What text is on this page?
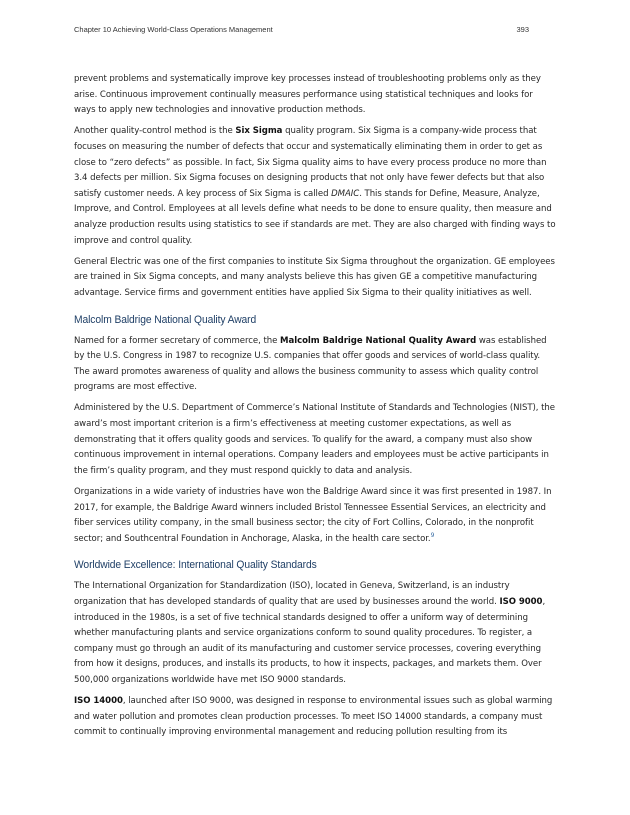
Chapter 10 Achieving World-Class Operations Management	393

prevent problems and systematically improve key processes instead of troubleshooting problems only as they arise. Continuous improvement continually measures performance using statistical techniques and looks for ways to apply new technologies and innovative production methods.

Another quality-control method is the Six Sigma quality program. Six Sigma is a company-wide process that focuses on measuring the number of defects that occur and systematically eliminating them in order to get as close to “zero defects” as possible. In fact, Six Sigma quality aims to have every process produce no more than 3.4 defects per million. Six Sigma focuses on designing products that not only have fewer defects but that also satisfy customer needs. A key process of Six Sigma is called DMAIC. This stands for Define, Measure, Analyze, Improve, and Control. Employees at all levels define what needs to be done to ensure quality, then measure and analyze production results using statistics to see if standards are met. They are also charged with finding ways to improve and control quality.

General Electric was one of the first companies to institute Six Sigma throughout the organization. GE employees are trained in Six Sigma concepts, and many analysts believe this has given GE a competitive manufacturing advantage. Service firms and government entities have applied Six Sigma to their quality initiatives as well.

Malcolm Baldrige National Quality Award

Named for a former secretary of commerce, the Malcolm Baldrige National Quality Award was established by the U.S. Congress in 1987 to recognize U.S. companies that offer goods and services of world-class quality. The award promotes awareness of quality and allows the business community to assess which quality control programs are most effective.

Administered by the U.S. Department of Commerce’s National Institute of Standards and Technologies (NIST), the award’s most important criterion is a firm’s effectiveness at meeting customer expectations, as well as demonstrating that it offers quality goods and services. To qualify for the award, a company must also show continuous improvement in internal operations. Company leaders and employees must be active participants in the firm’s quality program, and they must respond quickly to data and analysis.

Organizations in a wide variety of industries have won the Baldrige Award since it was first presented in 1987. In 2017, for example, the Baldrige Award winners included Bristol Tennessee Essential Services, an electricity and fiber services utility company, in the small business sector; the city of Fort Collins, Colorado, in the nonprofit sector; and Southcentral Foundation in Anchorage, Alaska, in the health care sector.$^9$

Worldwide Excellence: International Quality Standards

The International Organization for Standardization (ISO), located in Geneva, Switzerland, is an industry organization that has developed standards of quality that are used by businesses around the world. ISO 9000, introduced in the 1980s, is a set of five technical standards designed to offer a uniform way of determining whether manufacturing plants and service organizations conform to sound quality procedures. To register, a company must go through an audit of its manufacturing and customer service processes, covering everything from how it designs, produces, and installs its products, to how it inspects, packages, and markets them. Over 500,000 organizations worldwide have met ISO 9000 standards.

ISO 14000, launched after ISO 9000, was designed in response to environmental issues such as global warming and water pollution and promotes clean production processes. To meet ISO 14000 standards, a company must commit to continually improving environmental management and reducing pollution resulting from its
